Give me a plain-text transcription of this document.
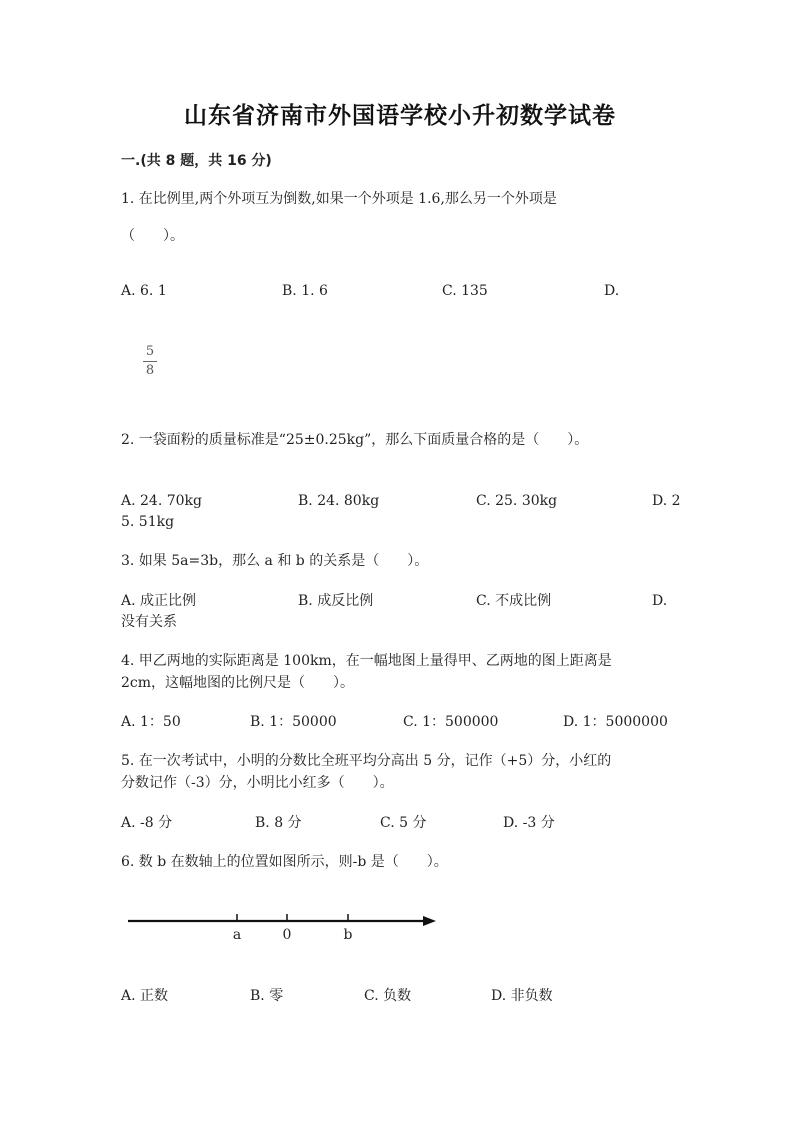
山东省济南市外国语学校小升初数学试卷
一.(共 8 题，共 16 分)
1. 在比例里,两个外项互为倒数,如果一个外项是 1.6,那么另一个外项是
（　　）。
A. 6. 1	B. 1. 6	C. 135	D.
5
8
2. 一袋面粉的质量标准是“25±0.25kg”，那么下面质量合格的是（　　）。
A. 24. 70kg	B. 24. 80kg	C. 25. 30kg	D. 2
5. 51kg
3. 如果 5a=3b，那么 a 和 b 的关系是（　　）。
A. 成正比例	B. 成反比例	C. 不成比例	D.
没有关系
4. 甲乙两地的实际距离是 100km，在一幅地图上量得甲、乙两地的图上距离是
2cm，这幅地图的比例尺是（　　）。
A. 1：50	B. 1：50000	C. 1：500000	D. 1：5000000
5. 在一次考试中，小明的分数比全班平均分高出 5 分，记作（+5）分，小红的
分数记作（-3）分，小明比小红多（　　）。
A. -8 分	B. 8 分	C. 5 分	D. -3 分
6. 数 b 在数轴上的位置如图所示，则-b 是（　　）。
a	0	b
A. 正数	B. 零	C. 负数	D. 非负数
